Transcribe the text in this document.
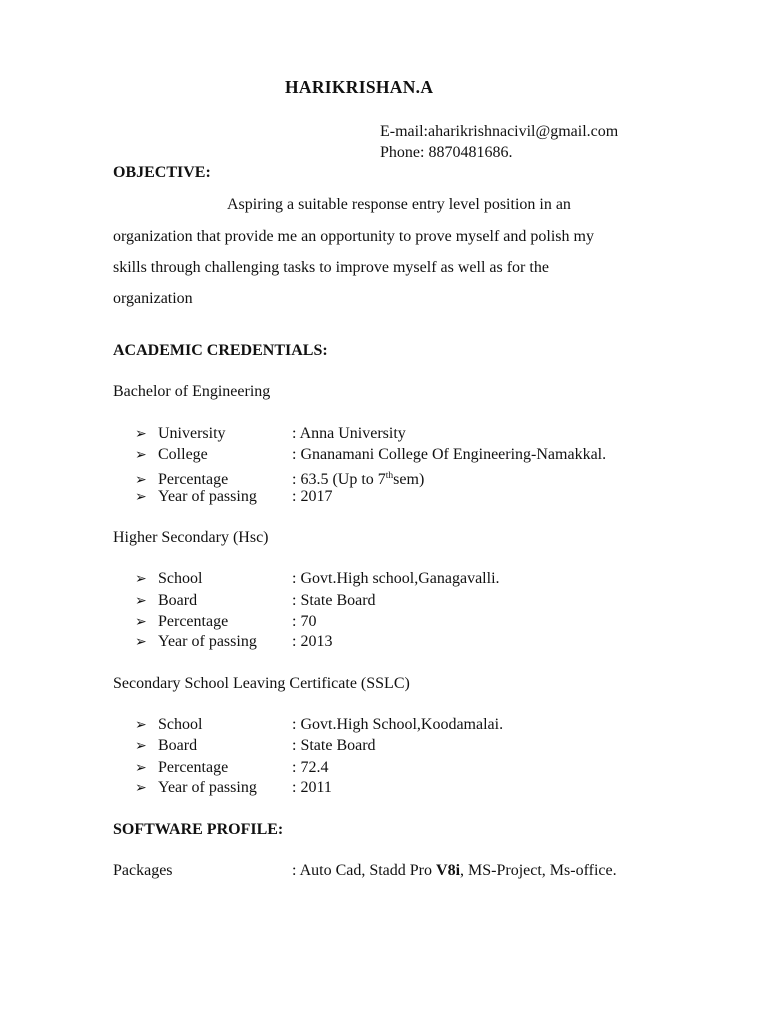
HARIKRISHAN.A
E-mail:aharikrishnacivil@gmail.com
Phone: 8870481686.
OBJECTIVE:
Aspiring a suitable response entry level position in an
organization that provide me an opportunity to prove myself and polish my
skills through challenging tasks to improve myself as well as for the
organization
ACADEMIC CREDENTIALS:
Bachelor of Engineering
➢ University	: Anna University
➢ College	: Gnanamani College Of Engineering-Namakkal.
➢ Percentage	: 63.5 (Up to 7thsem)
➢ Year of passing : 2017
Higher Secondary (Hsc)
➢ School	: Govt.High school,Ganagavalli.
➢ Board	: State Board
➢ Percentage	: 70
➢ Year of passing : 2013
Secondary School Leaving Certificate (SSLC)
➢ School	: Govt.High School,Koodamalai.
➢ Board	: State Board
➢ Percentage	: 72.4
➢ Year of passing : 2011
SOFTWARE PROFILE:
Packages	: Auto Cad, Stadd Pro V8i, MS-Project, Ms-office.
